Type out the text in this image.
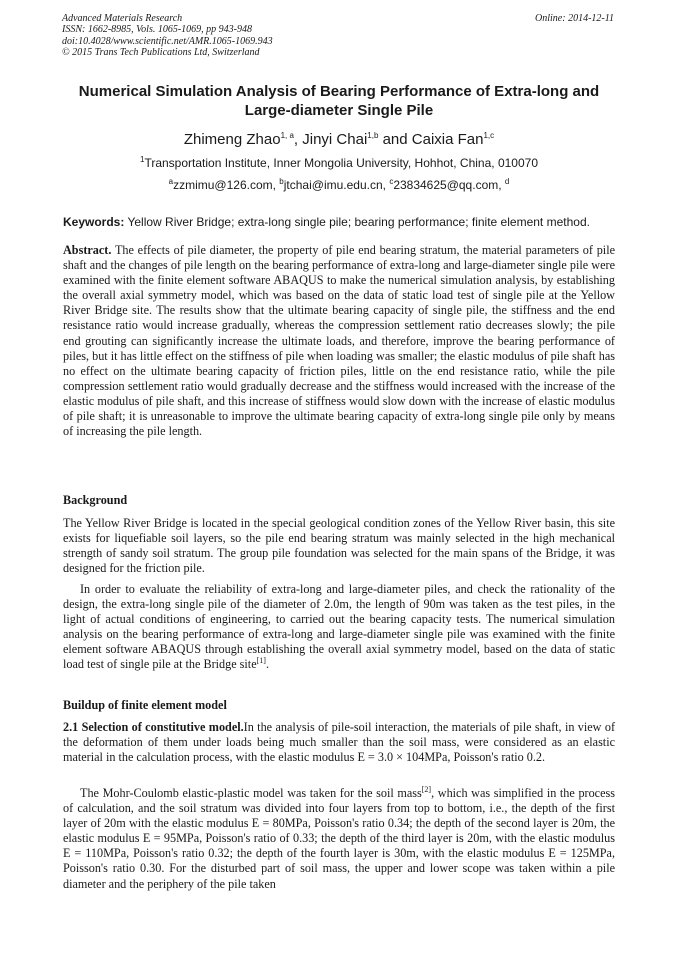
Advanced Materials Research
ISSN: 1662-8985, Vols. 1065-1069, pp 943-948
doi:10.4028/www.scientific.net/AMR.1065-1069.943
© 2015 Trans Tech Publications Ltd, Switzerland
Online: 2014-12-11
Numerical Simulation Analysis of Bearing Performance of Extra-long and Large-diameter Single Pile
Zhimeng Zhao$^{1, a}$, Jinyi Chai$^{1,b}$ and Caixia Fan$^{1,c}$
$^1$Transportation Institute, Inner Mongolia University, Hohhot, China, 010070
$^a$zzmimu@126.com, $^b$jtchai@imu.edu.cn, $^c$23834625@qq.com, $^d$
Keywords: Yellow River Bridge; extra-long single pile; bearing performance; finite element method.
Abstract. The effects of pile diameter, the property of pile end bearing stratum, the material parameters of pile shaft and the changes of pile length on the bearing performance of extra-long and large-diameter single pile were examined with the finite element software ABAQUS to make the numerical simulation analysis, by establishing the overall axial symmetry model, which was based on the data of static load test of single pile at the Yellow River Bridge site. The results show that the ultimate bearing capacity of single pile, the stiffness and the end resistance ratio would increase gradually, whereas the compression settlement ratio decreases slowly; the pile end grouting can significantly increase the ultimate loads, and therefore, improve the bearing performance of piles, but it has little effect on the stiffness of pile when loading was smaller; the elastic modulus of pile shaft has no effect on the ultimate bearing capacity of friction piles, little on the end resistance ratio, while the pile compression settlement ratio would gradually decrease and the stiffness would increased with the increase of the elastic modulus of pile shaft, and this increase of stiffness would slow down with the increase of elastic modulus of pile shaft; it is unreasonable to improve the ultimate bearing capacity of extra-long single pile only by means of increasing the pile length.
Background
The Yellow River Bridge is located in the special geological condition zones of the Yellow River basin, this site exists for liquefiable soil layers, so the pile end bearing stratum was mainly selected in the high mechanical strength of sandy soil stratum. The group pile foundation was selected for the main spans of the Bridge, it was designed for the friction pile.
In order to evaluate the reliability of extra-long and large-diameter piles, and check the rationality of the design, the extra-long single pile of the diameter of 2.0m, the length of 90m was taken as the test piles, in the light of actual conditions of engineering, to carried out the bearing capacity tests. The numerical simulation analysis on the bearing performance of extra-long and large-diameter single pile was examined with the finite element software ABAQUS through establishing the overall axial symmetry model, based on the data of static load test of single pile at the Bridge site[1].
Buildup of finite element model
2.1 Selection of constitutive model.In the analysis of pile-soil interaction, the materials of pile shaft, in view of the deformation of them under loads being much smaller than the soil mass, were considered as an elastic material in the calculation process, with the elastic modulus E = 3.0 × 104MPa, Poisson's ratio 0.2.
The Mohr-Coulomb elastic-plastic model was taken for the soil mass[2], which was simplified in the process of calculation, and the soil stratum was divided into four layers from top to bottom, i.e., the depth of the first layer of 20m with the elastic modulus E = 80MPa, Poisson's ratio 0.34; the depth of the second layer is 20m, the elastic modulus E = 95MPa, Poisson's ratio of 0.33; the depth of the third layer is 20m, with the elastic modulus E = 110MPa, Poisson's ratio 0.32; the depth of the fourth layer is 30m, with the elastic modulus E = 125MPa, Poisson's ratio 0.30. For the disturbed part of soil mass, the upper and lower scope was taken within a pile diameter and the periphery of the pile taken
